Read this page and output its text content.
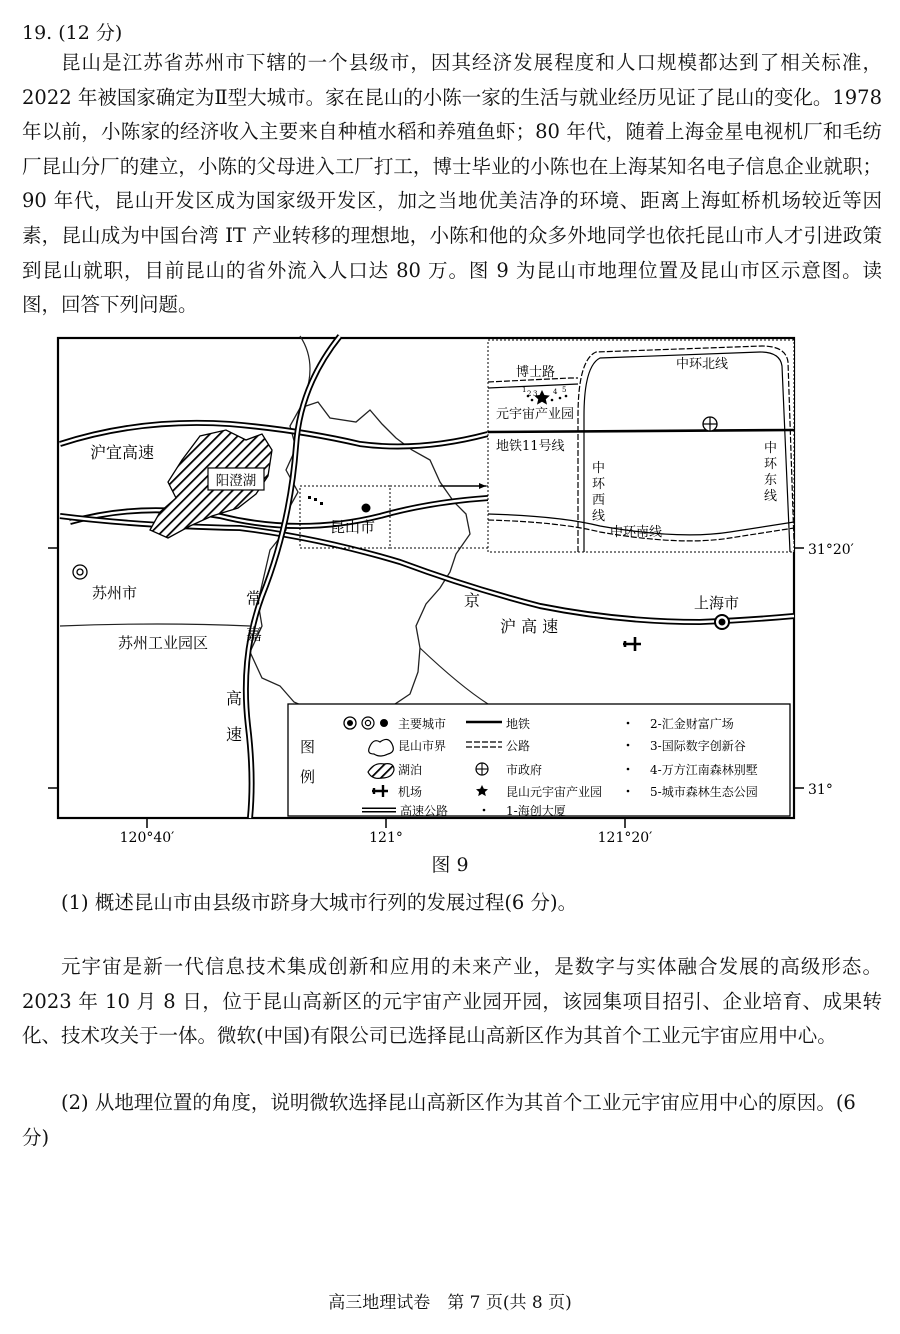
19. (12 分)

昆山是江苏省苏州市下辖的一个县级市，因其经济发展程度和人口规模都达到了相关标准，2022 年被国家确定为Ⅱ型大城市。家在昆山的小陈一家的生活与就业经历见证了昆山的变化。1978 年以前，小陈家的经济收入主要来自种植水稻和养殖鱼虾；80 年代，随着上海金星电视机厂和毛纺厂昆山分厂的建立，小陈的父母进入工厂打工，博士毕业的小陈也在上海某知名电子信息企业就职；90 年代，昆山开发区成为国家级开发区，加之当地优美洁净的环境、距离上海虹桥机场较近等因素，昆山成为中国台湾 IT 产业转移的理想地，小陈和他的众多外地同学也依托昆山市人才引进政策到昆山就职，目前昆山的省外流入人口达 80 万。图 9 为昆山市地理位置及昆山市区示意图。读图，回答下列问题。

阳澄湖
昆山市
苏州市
苏州工业园区
上海市
沪宜高速
京
沪 高 速
常
嘉
高
速
1 2 3 4 5
博士路
元宇宙产业园
地铁11号线
中环北线
中环南线
中
环
西
线
中
环
东
线
图
例
主要城市	地铁	2-汇金财富广场
昆山市界	公路	3-国际数字创新谷
湖泊	市政府	4-万方江南森林别墅
机场	昆山元宇宙产业园	5-城市森林生态公园
高速公路	1-海创大厦
31°20′
31°
120°40′	121°	121°20′
图 9

(1) 概述昆山市由县级市跻身大城市行列的发展过程(6 分)。

元宇宙是新一代信息技术集成创新和应用的未来产业，是数字与实体融合发展的高级形态。2023 年 10 月 8 日，位于昆山高新区的元宇宙产业园开园，该园集项目招引、企业培育、成果转化、技术攻关于一体。微软(中国)有限公司已选择昆山高新区作为其首个工业元宇宙应用中心。

(2) 从地理位置的角度，说明微软选择昆山高新区作为其首个工业元宇宙应用中心的原因。(6 分)

高三地理试卷　第 7 页(共 8 页)
